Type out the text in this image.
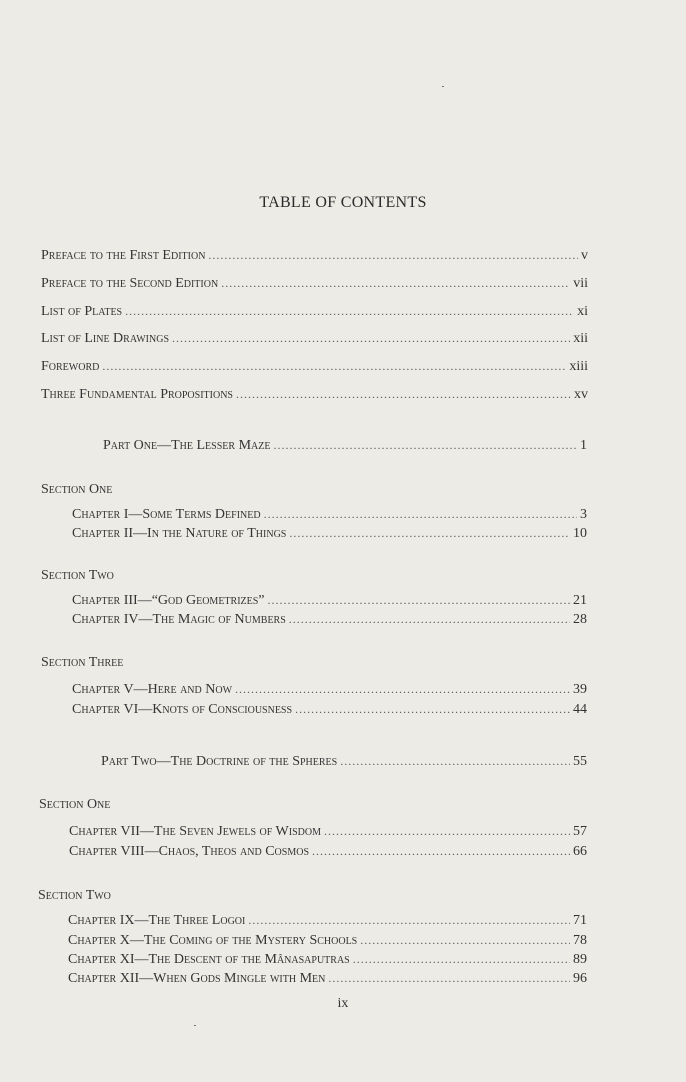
TABLE OF CONTENTS
Preface to the First Edition .....	v
Preface to the Second Edition .....	vii
List of Plates .....	xi
List of Line Drawings .....	xii
Foreword .....	xiii
Three Fundamental Propositions .....	xv
Part One—The Lesser Maze .....	1
Section One
Chapter I—Some Terms Defined .....	3
Chapter II—In the Nature of Things .....	10
Section Two
Chapter III—“God Geometrizes” .....	21
Chapter IV—The Magic of Numbers .....	28
Section Three
Chapter V—Here and Now .....	39
Chapter VI—Knots of Consciousness .....	44
Part Two—The Doctrine of the Spheres .....	55
Section One
Chapter VII—The Seven Jewels of Wisdom .....	57
Chapter VIII—Chaos, Theos and Cosmos .....	66
Section Two
Chapter IX—The Three Logoi .....	71
Chapter X—The Coming of the Mystery Schools .....	78
Chapter XI—The Descent of the Mânasaputras .....	89
Chapter XII—When Gods Mingle with Men .....	96
ix
